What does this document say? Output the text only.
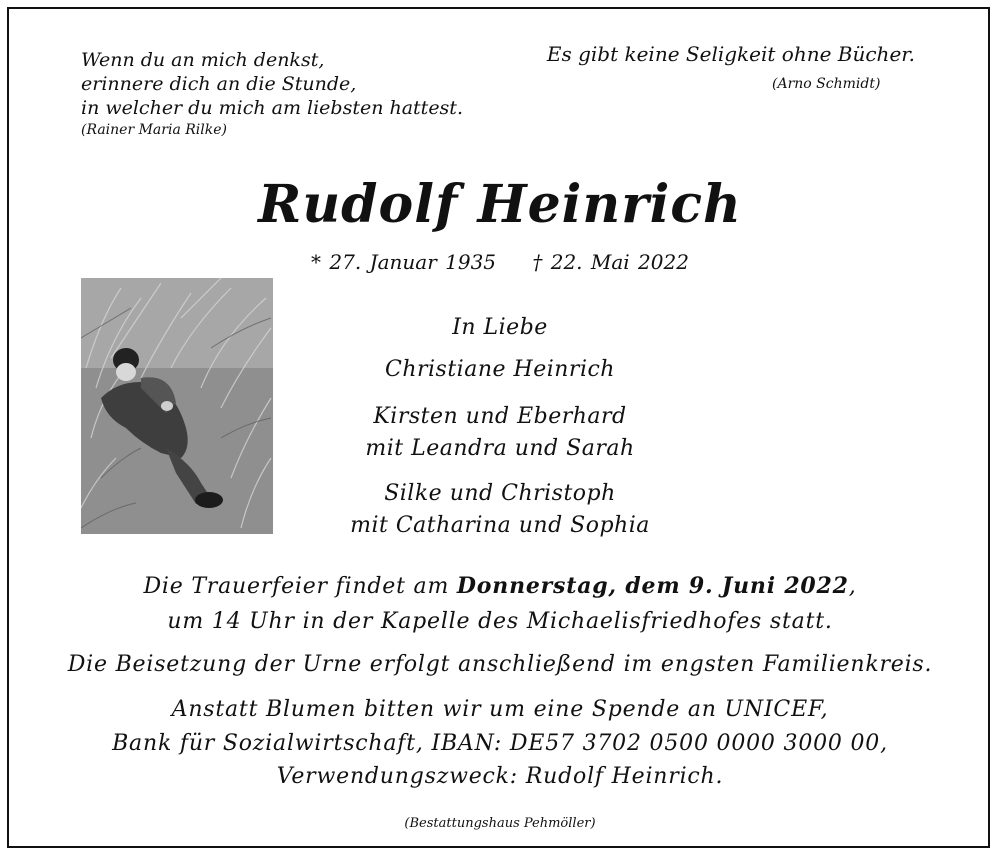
Wenn du an mich denkst,
erinnere dich an die Stunde,
in welcher du mich am liebsten hattest.
(Rainer Maria Rilke)
Es gibt keine Seligkeit ohne Bücher.
(Arno Schmidt)
Rudolf Heinrich
* 27. Januar 1935 † 22. Mai 2022
In Liebe
Christiane Heinrich
Kirsten und Eberhard
mit Leandra und Sarah
Silke und Christoph
mit Catharina und Sophia
Die Trauerfeier findet am Donnerstag, dem 9. Juni 2022,
um 14 Uhr in der Kapelle des Michaelisfriedhofes statt.
Die Beisetzung der Urne erfolgt anschließend im engsten Familienkreis.
Anstatt Blumen bitten wir um eine Spende an UNICEF,
Bank für Sozialwirtschaft, IBAN: DE57 3702 0500 0000 3000 00,
Verwendungszweck: Rudolf Heinrich.
(Bestattungshaus Pehmöller)
